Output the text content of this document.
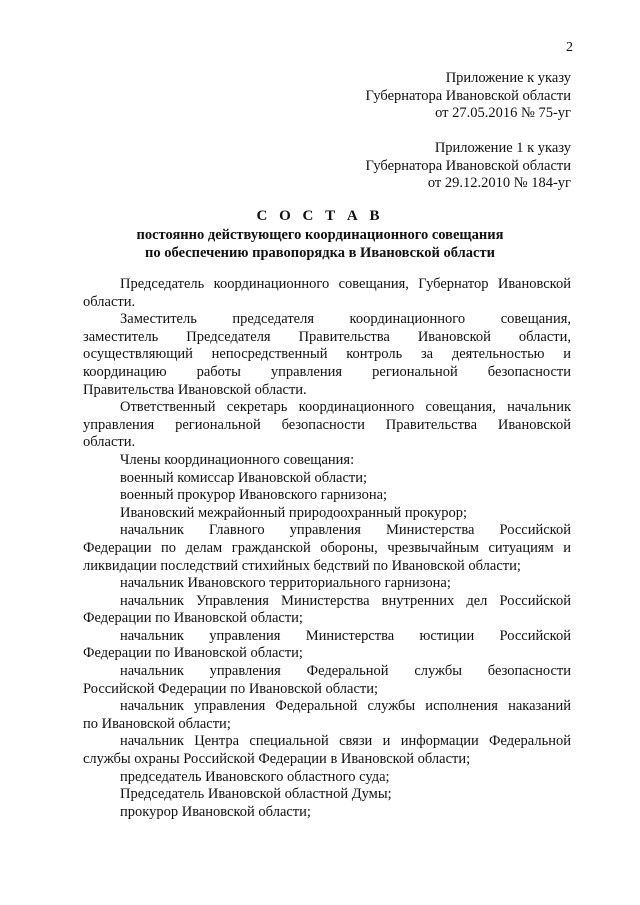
2
Приложение к указу
Губернатора Ивановской области
от 27.05.2016 № 75-уг
Приложение 1 к указу
Губернатора Ивановской области
от 29.12.2010 № 184-уг
С О С Т А В
постоянно действующего координационного совещания
по обеспечению правопорядка в Ивановской области
Председатель координационного совещания, Губернатор Ивановской
области.
Заместитель председателя координационного совещания,
заместитель Председателя Правительства Ивановской области,
осуществляющий непосредственный контроль за деятельностью и
координацию работы управления региональной безопасности
Правительства Ивановской области.
Ответственный секретарь координационного совещания, начальник
управления региональной безопасности Правительства Ивановской
области.
Члены координационного совещания:
военный комиссар Ивановской области;
военный прокурор Ивановского гарнизона;
Ивановский межрайонный природоохранный прокурор;
начальник Главного управления Министерства Российской
Федерации по делам гражданской обороны, чрезвычайным ситуациям и
ликвидации последствий стихийных бедствий по Ивановской области;
начальник Ивановского территориального гарнизона;
начальник Управления Министерства внутренних дел Российской
Федерации по Ивановской области;
начальник управления Министерства юстиции Российской
Федерации по Ивановской области;
начальник управления Федеральной службы безопасности
Российской Федерации по Ивановской области;
начальник управления Федеральной службы исполнения наказаний
по Ивановской области;
начальник Центра специальной связи и информации Федеральной
службы охраны Российской Федерации в Ивановской области;
председатель Ивановского областного суда;
Председатель Ивановской областной Думы;
прокурор Ивановской области;
